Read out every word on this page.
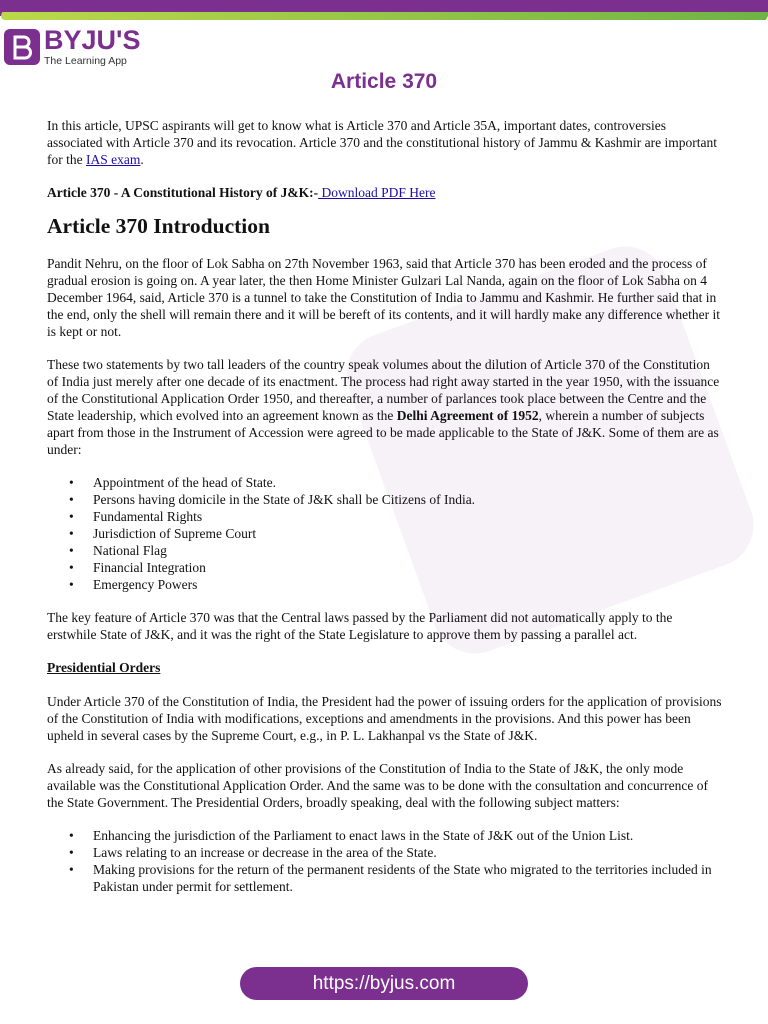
BYJU'S
The Learning App
Article 370

In this article, UPSC aspirants will get to know what is Article 370 and Article 35A, important dates, controversies associated with Article 370 and its revocation. Article 370 and the constitutional history of Jammu & Kashmir are important for the IAS exam.

Article 370 - A Constitutional History of J&K:- Download PDF Here

Article 370 Introduction

Pandit Nehru, on the floor of Lok Sabha on 27th November 1963, said that Article 370 has been eroded and the process of gradual erosion is going on. A year later, the then Home Minister Gulzari Lal Nanda, again on the floor of Lok Sabha on 4 December 1964, said, Article 370 is a tunnel to take the Constitution of India to Jammu and Kashmir. He further said that in the end, only the shell will remain there and it will be bereft of its contents, and it will hardly make any difference whether it is kept or not.

These two statements by two tall leaders of the country speak volumes about the dilution of Article 370 of the Constitution of India just merely after one decade of its enactment. The process had right away started in the year 1950, with the issuance of the Constitutional Application Order 1950, and thereafter, a number of parlances took place between the Centre and the State leadership, which evolved into an agreement known as the Delhi Agreement of 1952, wherein a number of subjects apart from those in the Instrument of Accession were agreed to be made applicable to the State of J&K. Some of them are as under:

• Appointment of the head of State.
• Persons having domicile in the State of J&K shall be Citizens of India.
• Fundamental Rights
• Jurisdiction of Supreme Court
• National Flag
• Financial Integration
• Emergency Powers

The key feature of Article 370 was that the Central laws passed by the Parliament did not automatically apply to the erstwhile State of J&K, and it was the right of the State Legislature to approve them by passing a parallel act.

Presidential Orders

Under Article 370 of the Constitution of India, the President had the power of issuing orders for the application of provisions of the Constitution of India with modifications, exceptions and amendments in the provisions. And this power has been upheld in several cases by the Supreme Court, e.g., in P. L. Lakhanpal vs the State of J&K.

As already said, for the application of other provisions of the Constitution of India to the State of J&K, the only mode available was the Constitutional Application Order. And the same was to be done with the consultation and concurrence of the State Government. The Presidential Orders, broadly speaking, deal with the following subject matters:

• Enhancing the jurisdiction of the Parliament to enact laws in the State of J&K out of the Union List.
• Laws relating to an increase or decrease in the area of the State.
• Making provisions for the return of the permanent residents of the State who migrated to the territories included in Pakistan under permit for settlement.
https://byjus.com
